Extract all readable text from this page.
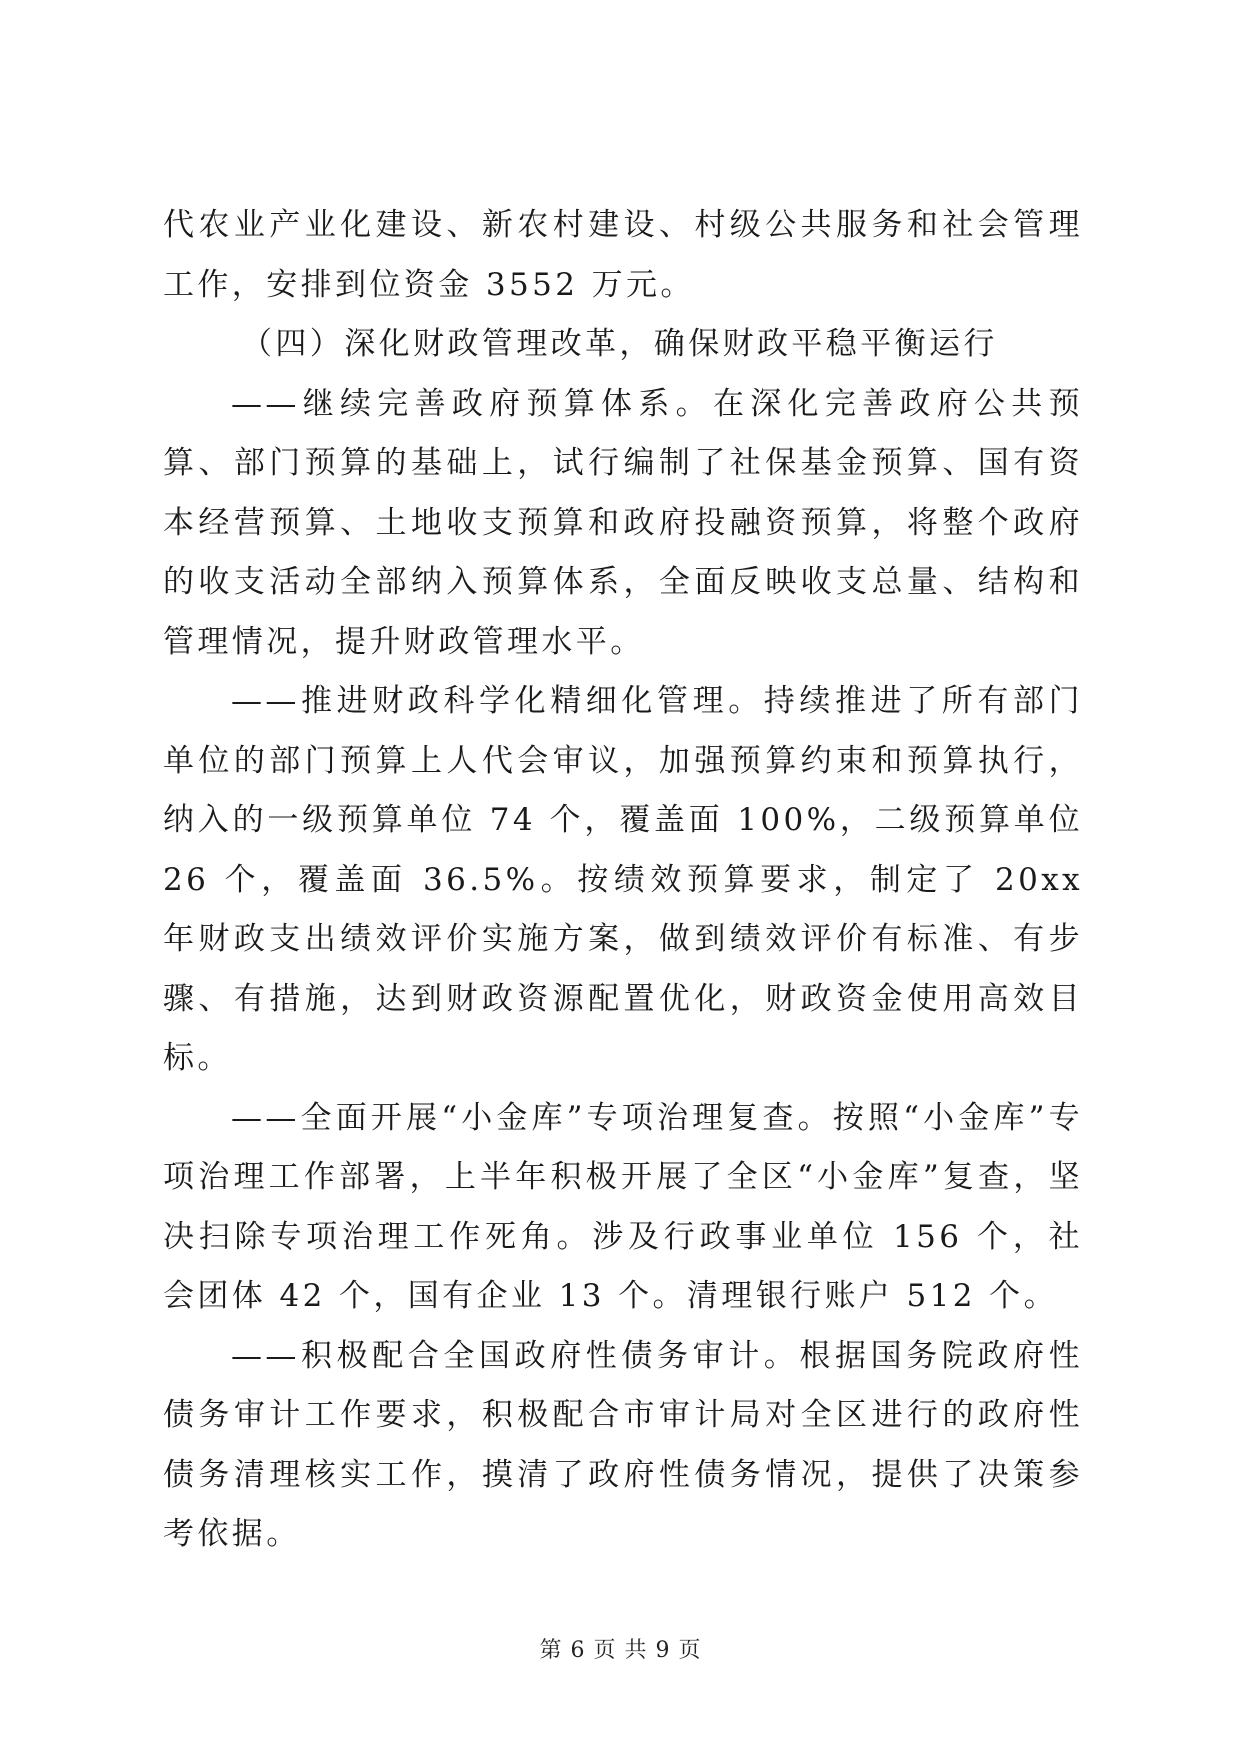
代农业产业化建设、新农村建设、村级公共服务和社会管理工作，安排到位资金 3552 万元。

（四）深化财政管理改革，确保财政平稳平衡运行

——继续完善政府预算体系。在深化完善政府公共预算、部门预算的基础上，试行编制了社保基金预算、国有资本经营预算、土地收支预算和政府投融资预算，将整个政府的收支活动全部纳入预算体系，全面反映收支总量、结构和管理情况，提升财政管理水平。

——推进财政科学化精细化管理。持续推进了所有部门单位的部门预算上人代会审议，加强预算约束和预算执行，纳入的一级预算单位 74 个，覆盖面 100%，二级预算单位 26 个，覆盖面 36.5%。按绩效预算要求，制定了 20xx 年财政支出绩效评价实施方案，做到绩效评价有标准、有步骤、有措施，达到财政资源配置优化，财政资金使用高效目标。

——全面开展“小金库”专项治理复查。按照“小金库”专项治理工作部署，上半年积极开展了全区“小金库”复查，坚决扫除专项治理工作死角。涉及行政事业单位 156 个，社会团体 42 个，国有企业 13 个。清理银行账户 512 个。

——积极配合全国政府性债务审计。根据国务院政府性债务审计工作要求，积极配合市审计局对全区进行的政府性债务清理核实工作，摸清了政府性债务情况，提供了决策参考依据。

第 6 页 共 9 页
